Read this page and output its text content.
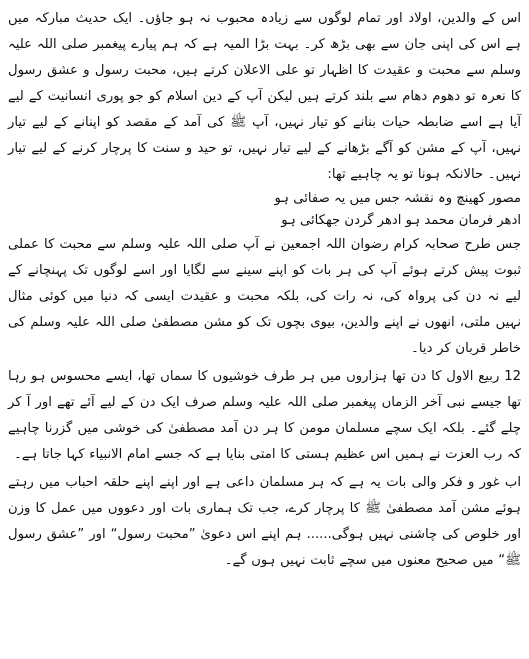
اس کے والدین، اولاد اور تمام لوگوں سے زیادہ محبوب نہ ہو جاؤں۔ ایک حدیث مبارکہ میں ہے اس کی اپنی جان سے بھی بڑھ کر۔ بہت بڑا المیہ ہے کہ ہم پیارے پیغمبر صلی اللہ علیہ وسلم سے محبت و عقیدت کا اظہار تو علی الاعلان کرتے ہیں، محبت رسول و عشق رسول کا نعرہ تو دھوم دھام سے بلند کرتے ہیں لیکن آپ کے دین اسلام کو جو پوری انسانیت کے لیے آیا ہے اسے ضابطہ حیات بنانے کو تیار نہیں، آپ ﷺ کی آمد کے مقصد کو اپنانے کے لیے تیار نہیں، آپ کے مشن کو آگے بڑھانے کے لیے تیار نہیں، تو حید و سنت کا پرچار کرنے کے لیے تیار نہیں۔ حالانکہ ہونا تو یہ چاہیے تھا:

مصور کھینچ وہ نقشہ جس میں یہ صفائی ہو

ادھر فرمان محمد ہو ادھر گردن جھکائی ہو

جس طرح صحابہ کرام رضوان اللہ اجمعین نے آپ صلی اللہ علیہ وسلم سے محبت کا عملی ثبوت پیش کرتے ہوئے آپ کی ہر بات کو اپنے سینے سے لگایا اور اسے لوگوں تک پہنچانے کے لیے نہ دن کی پرواہ کی، نہ رات کی، بلکہ محبت و عقیدت ایسی کہ دنیا میں کوئی مثال نہیں ملتی، انھوں نے اپنے والدین، بیوی بچوں تک کو مشن مصطفیٰ صلی اللہ علیہ وسلم کی خاطر قربان کر دیا۔

12 ربیع الاول کا دن تھا ہزاروں میں ہر طرف خوشیوں کا سماں تھا، ایسے محسوس ہو رہا تھا جیسے نبی آخر الزماں پیغمبر صلی اللہ علیہ وسلم صرف ایک دن کے لیے آئے تھے اور آ کر چلے گئے۔ بلکہ ایک سچے مسلمان مومن کا ہر دن آمد مصطفیٰ کی خوشی میں گزرنا چاہیے کہ رب العزت نے ہمیں اس عظیم ہستی کا امتی بنایا ہے کہ جسے امام الانبیاء کہا جاتا ہے۔

اب غور و فکر والی بات یہ ہے کہ ہر مسلمان داعی ہے اور اپنے اپنے حلقہ احباب میں رہتے ہوئے مشن آمد مصطفیٰ ﷺ کا پرچار کرے، جب تک ہماری بات اور دعووں میں عمل کا وزن اور خلوص کی چاشنی نہیں ہوگی...... ہم اپنے اس دعویٰ ”محبت رسول“ اور ”عشق رسول ﷺ“ میں صحیح معنوں میں سچے ثابت نہیں ہوں گے۔
